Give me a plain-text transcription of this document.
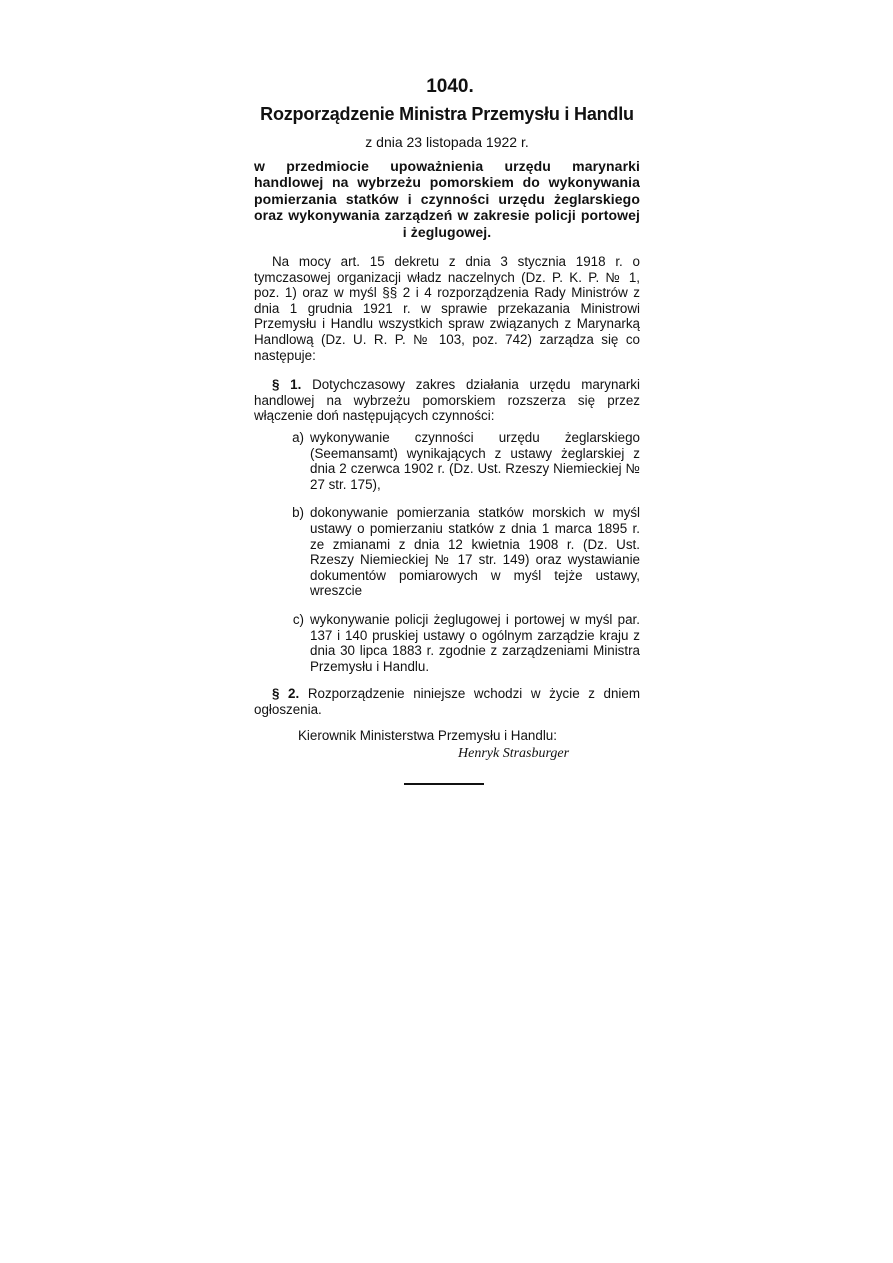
1040.
Rozporządzenie Ministra Przemysłu i Handlu
z dnia 23 listopada 1922 r.
w przedmiocie upoważnienia urzędu marynarki handlowej na wybrzeżu pomorskiem do wykonywania pomierzania statków i czynności urzędu żeglarskiego oraz wykonywania zarządzeń w zakresie policji portowej i żeglugowej.

Na mocy art. 15 dekretu z dnia 3 stycznia 1918 r. o tymczasowej organizacji władz naczelnych (Dz. P. K. P. № 1, poz. 1) oraz w myśl §§ 2 i 4 rozporządzenia Rady Ministrów z dnia 1 grudnia 1921 r. w sprawie przekazania Ministrowi Przemysłu i Handlu wszystkich spraw związanych z Marynarką Handlową (Dz. U. R. P. № 103, poz. 742) zarządza się co następuje:

§ 1. Dotychczasowy zakres działania urzędu marynarki handlowej na wybrzeżu pomorskiem rozszerza się przez włączenie doń następujących czynności:

a) wykonywanie czynności urzędu żeglarskiego (Seemansamt) wynikających z ustawy żeglarskiej z dnia 2 czerwca 1902 r. (Dz. Ust. Rzeszy Niemieckiej № 27 str. 175),
b) dokonywanie pomierzania statków morskich w myśl ustawy o pomierzaniu statków z dnia 1 marca 1895 r. ze zmianami z dnia 12 kwietnia 1908 r. (Dz. Ust. Rzeszy Niemieckiej № 17 str. 149) oraz wystawianie dokumentów pomiarowych w myśl tejże ustawy, wreszcie
c) wykonywanie policji żeglugowej i portowej w myśl par. 137 i 140 pruskiej ustawy o ogólnym zarządzie kraju z dnia 30 lipca 1883 r. zgodnie z zarządzeniami Ministra Przemysłu i Handlu.

§ 2. Rozporządzenie niniejsze wchodzi w życie z dniem ogłoszenia.

Kierownik Ministerstwa Przemysłu i Handlu:

Henryk Strasburger
